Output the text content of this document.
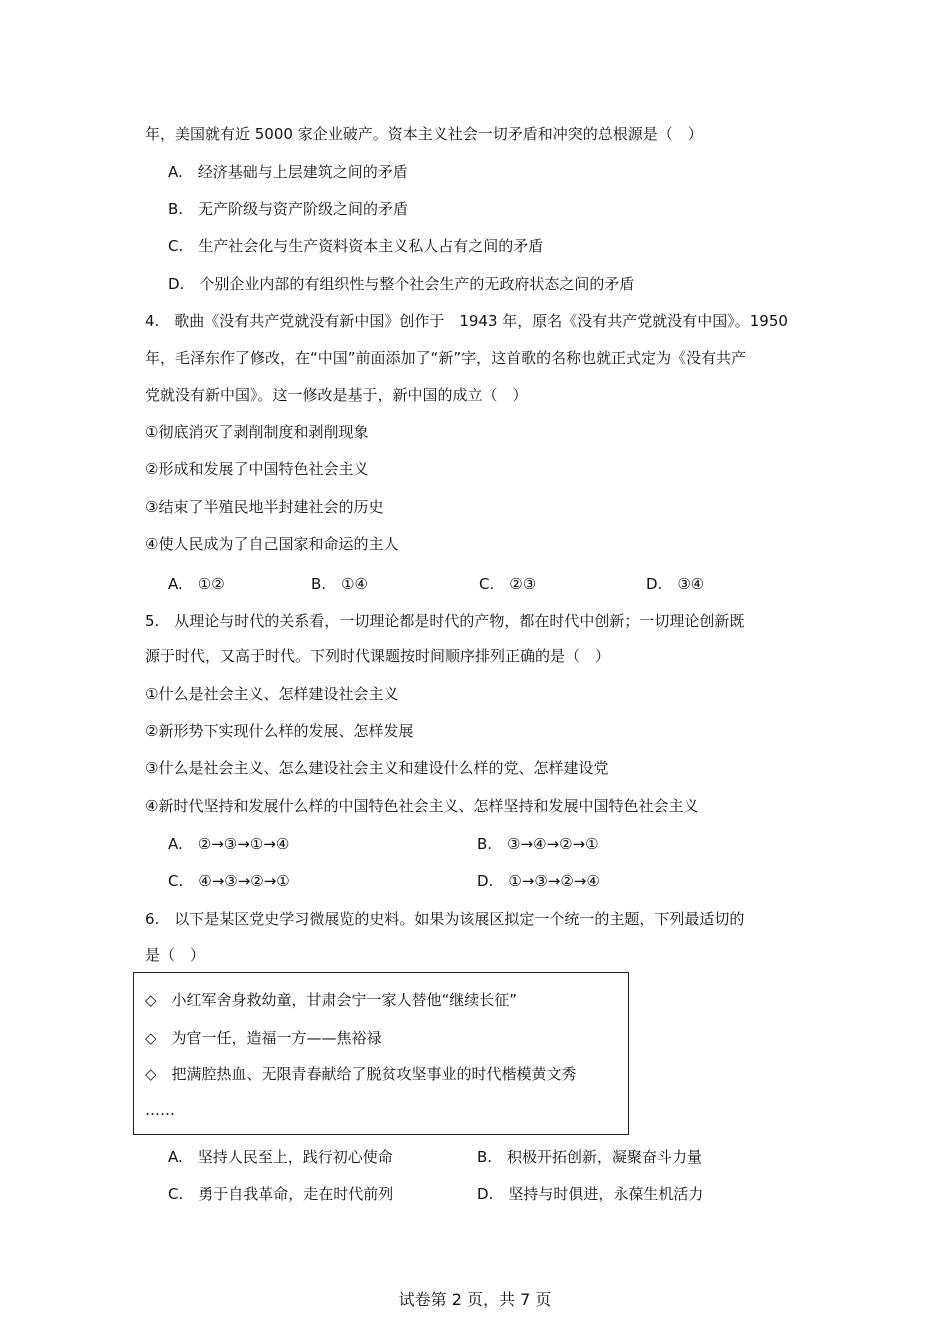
年，美国就有近 5000 家企业破产。资本主义社会一切矛盾和冲突的总根源是（　）
A.　经济基础与上层建筑之间的矛盾
B.　无产阶级与资产阶级之间的矛盾
C.　生产社会化与生产资料资本主义私人占有之间的矛盾
D.　个别企业内部的有组织性与整个社会生产的无政府状态之间的矛盾
4.　歌曲《没有共产党就没有新中国》创作于　1943 年，原名《没有共产党就没有中国》。1950
年，毛泽东作了修改，在“中国”前面添加了“新”字，这首歌的名称也就正式定为《没有共产
党就没有新中国》。这一修改是基于，新中国的成立（　）
①彻底消灭了剥削制度和剥削现象
②形成和发展了中国特色社会主义
③结束了半殖民地半封建社会的历史
④使人民成为了自己国家和命运的主人
A.　①②	B.　①④	C.　②③	D.　③④
5.　从理论与时代的关系看，一切理论都是时代的产物，都在时代中创新；一切理论创新既
源于时代，又高于时代。下列时代课题按时间顺序排列正确的是（　）
①什么是社会主义、怎样建设社会主义
②新形势下实现什么样的发展、怎样发展
③什么是社会主义、怎么建设社会主义和建设什么样的党、怎样建设党
④新时代坚持和发展什么样的中国特色社会主义、怎样坚持和发展中国特色社会主义
A.　②→③→①→④	B.　③→④→②→①
C.　④→③→②→①	D.　①→③→②→④
6.　以下是某区党史学习微展览的史料。如果为该展区拟定一个统一的主题，下列最适切的
是（　）
◇　小红军舍身救幼童，甘肃会宁一家人替他“继续长征”
◇　为官一任，造福一方——焦裕禄
◇　把满腔热血、无限青春献给了脱贫攻坚事业的时代楷模黄文秀
……
A.　坚持人民至上，践行初心使命	B.　积极开拓创新，凝聚奋斗力量
C.　勇于自我革命，走在时代前列	D.　坚持与时俱进，永葆生机活力
试卷第 2 页，共 7 页
